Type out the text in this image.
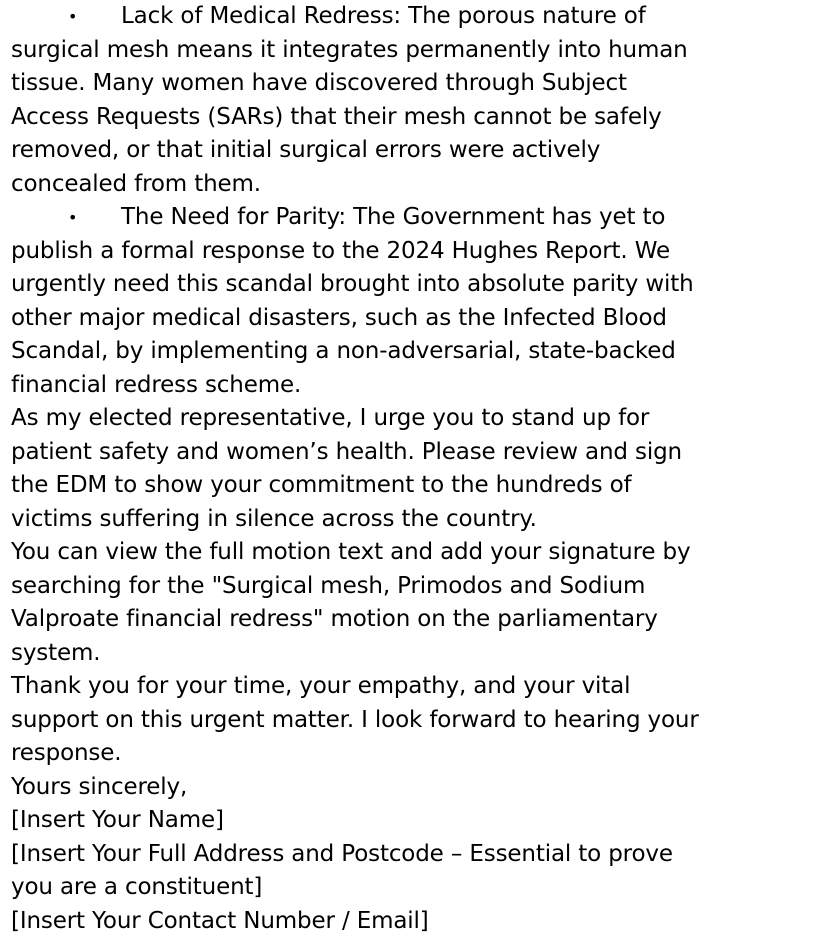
• Lack of Medical Redress: The porous nature of
surgical mesh means it integrates permanently into human
tissue. Many women have discovered through Subject
Access Requests (SARs) that their mesh cannot be safely
removed, or that initial surgical errors were actively
concealed from them.
• The Need for Parity: The Government has yet to
publish a formal response to the 2024 Hughes Report. We
urgently need this scandal brought into absolute parity with
other major medical disasters, such as the Infected Blood
Scandal, by implementing a non-adversarial, state-backed
financial redress scheme.
As my elected representative, I urge you to stand up for
patient safety and women’s health. Please review and sign
the EDM to show your commitment to the hundreds of
victims suffering in silence across the country.
You can view the full motion text and add your signature by
searching for the "Surgical mesh, Primodos and Sodium
Valproate financial redress" motion on the parliamentary
system.
Thank you for your time, your empathy, and your vital
support on this urgent matter. I look forward to hearing your
response.
Yours sincerely,
[Insert Your Name]
[Insert Your Full Address and Postcode – Essential to prove
you are a constituent]
[Insert Your Contact Number / Email]
